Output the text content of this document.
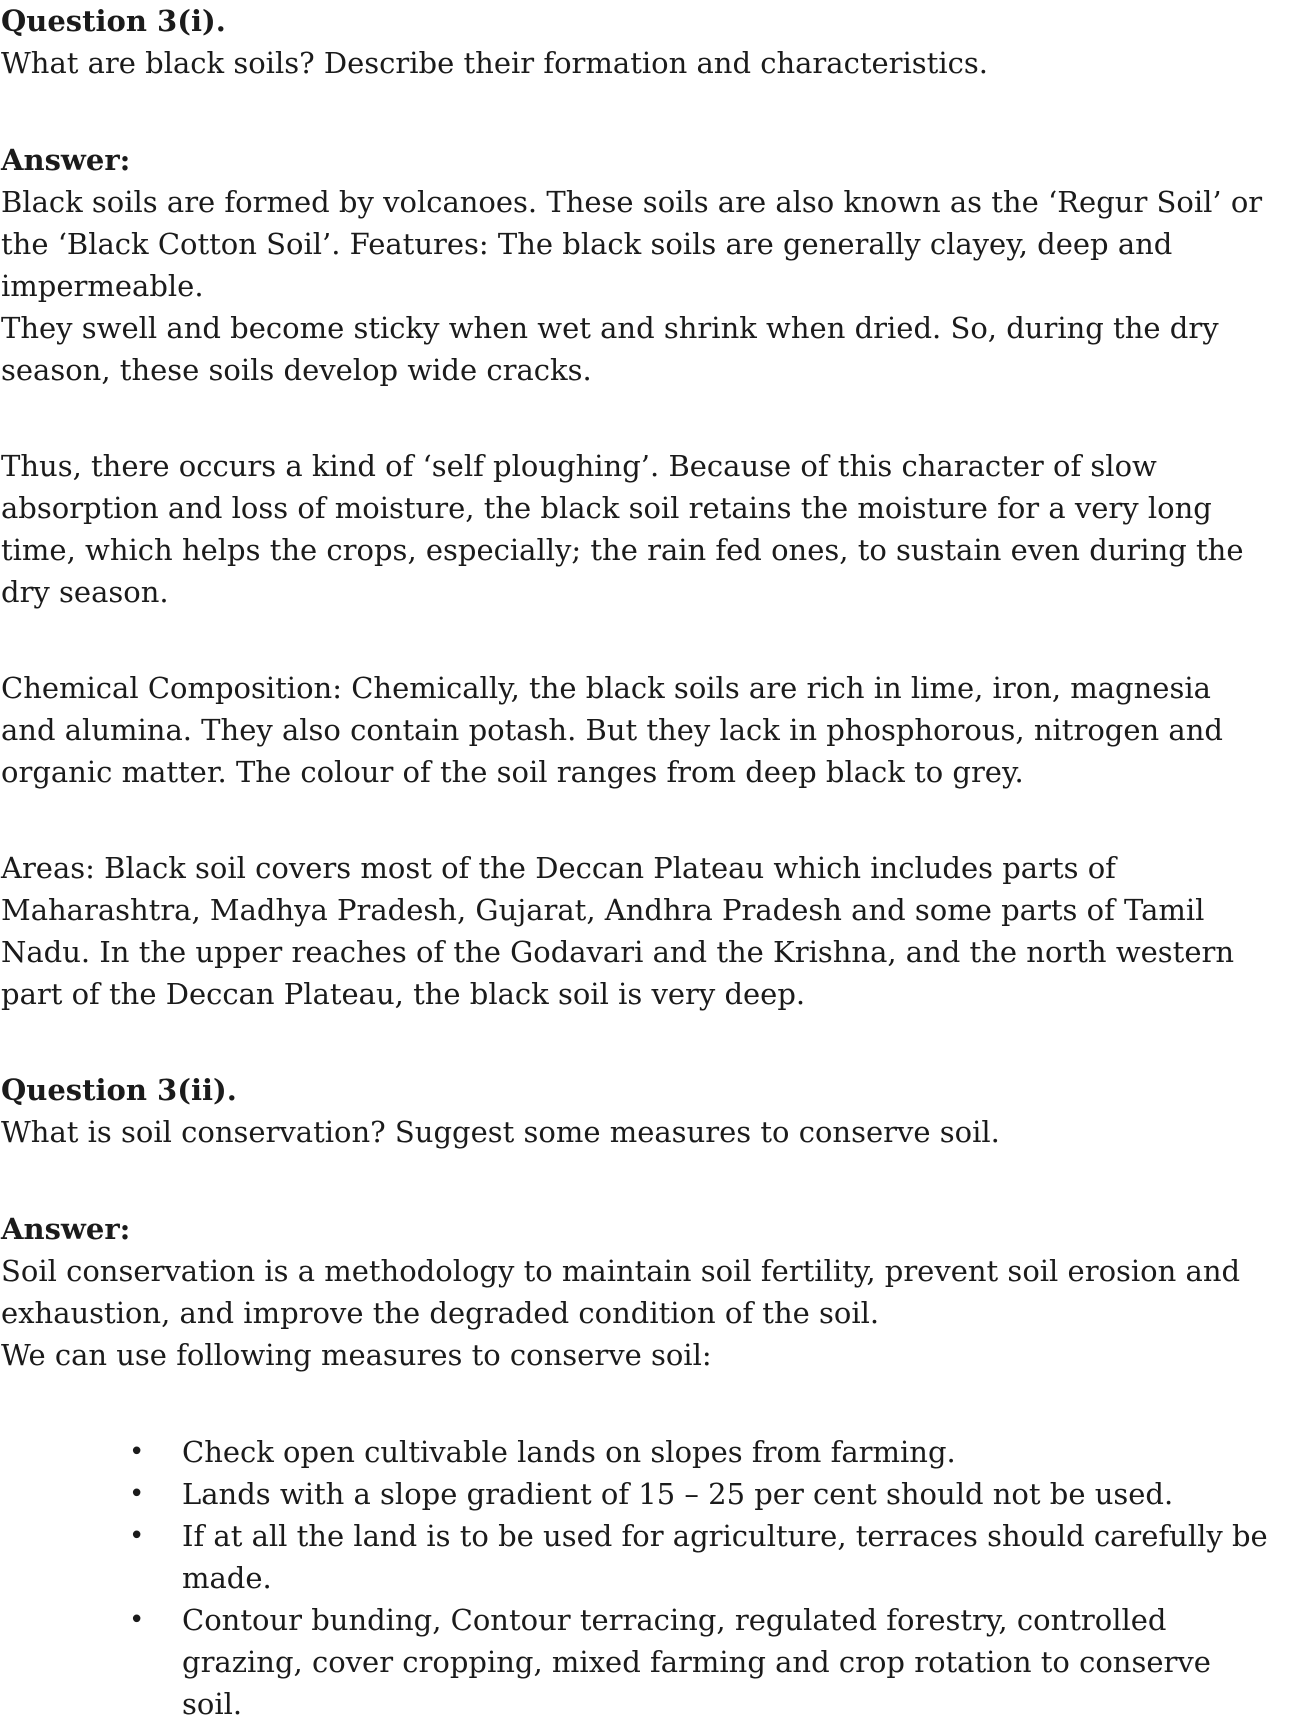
Question 3(i).

What are black soils? Describe their formation and characteristics.

Answer:

Black soils are formed by volcanoes. These soils are also known as the ‘Regur Soil’ or

the ‘Black Cotton Soil’. Features: The black soils are generally clayey, deep and

impermeable.

They swell and become sticky when wet and shrink when dried. So, during the dry

season, these soils develop wide cracks.

Thus, there occurs a kind of ‘self ploughing’. Because of this character of slow

absorption and loss of moisture, the black soil retains the moisture for a very long

time, which helps the crops, especially; the rain fed ones, to sustain even during the

dry season.

Chemical Composition: Chemically, the black soils are rich in lime, iron, magnesia

and alumina. They also contain potash. But they lack in phosphorous, nitrogen and

organic matter. The colour of the soil ranges from deep black to grey.

Areas: Black soil covers most of the Deccan Plateau which includes parts of

Maharashtra, Madhya Pradesh, Gujarat, Andhra Pradesh and some parts of Tamil

Nadu. In the upper reaches of the Godavari and the Krishna, and the north western

part of the Deccan Plateau, the black soil is very deep.

Question 3(ii).

What is soil conservation? Suggest some measures to conserve soil.

Answer:

Soil conservation is a methodology to maintain soil fertility, prevent soil erosion and

exhaustion, and improve the degraded condition of the soil.

We can use following measures to conserve soil:

• Check open cultivable lands on slopes from farming.
• Lands with a slope gradient of 15 – 25 per cent should not be used.
• If at all the land is to be used for agriculture, terraces should carefully be
made.
• Contour bunding, Contour terracing, regulated forestry, controlled
grazing, cover cropping, mixed farming and crop rotation to conserve
soil.
